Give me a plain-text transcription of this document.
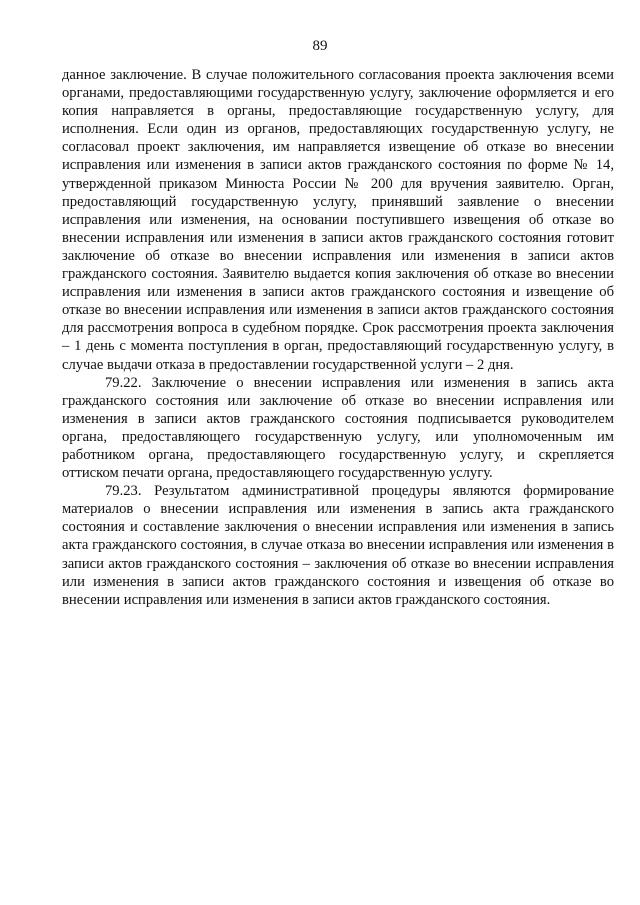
89

данное заключение. В случае положительного согласования проекта заключения всеми органами, предоставляющими государственную услугу, заключение оформляется и его копия направляется в органы, предоставляющие государственную услугу, для исполнения. Если один из органов, предоставляющих государственную услугу, не согласовал проект заключения, им направляется извещение об отказе во внесении исправления или изменения в записи актов гражданского состояния по форме № 14, утвержденной приказом Минюста России № 200 для вручения заявителю. Орган, предоставляющий государственную услугу, принявший заявление о внесении исправления или изменения, на основании поступившего извещения об отказе во внесении исправления или изменения в записи актов гражданского состояния готовит заключение об отказе во внесении исправления или изменения в записи актов гражданского состояния. Заявителю выдается копия заключения об отказе во внесении исправления или изменения в записи актов гражданского состояния и извещение об отказе во внесении исправления или изменения в записи актов гражданского состояния для рассмотрения вопроса в судебном порядке. Срок рассмотрения проекта заключения – 1 день с момента поступления в орган, предоставляющий государственную услугу, в случае выдачи отказа в предоставлении государственной услуги – 2 дня.

79.22. Заключение о внесении исправления или изменения в запись акта гражданского состояния или заключение об отказе во внесении исправления или изменения в записи актов гражданского состояния подписывается руководителем органа, предоставляющего государственную услугу, или уполномоченным им работником органа, предоставляющего государственную услугу, и скрепляется оттиском печати органа, предоставляющего государственную услугу.

79.23. Результатом административной процедуры являются формирование материалов о внесении исправления или изменения в запись акта гражданского состояния и составление заключения о внесении исправления или изменения в запись акта гражданского состояния, в случае отказа во внесении исправления или изменения в записи актов гражданского состояния – заключения об отказе во внесении исправления или изменения в записи актов гражданского состояния и извещения об отказе во внесении исправления или изменения в записи актов гражданского состояния.
